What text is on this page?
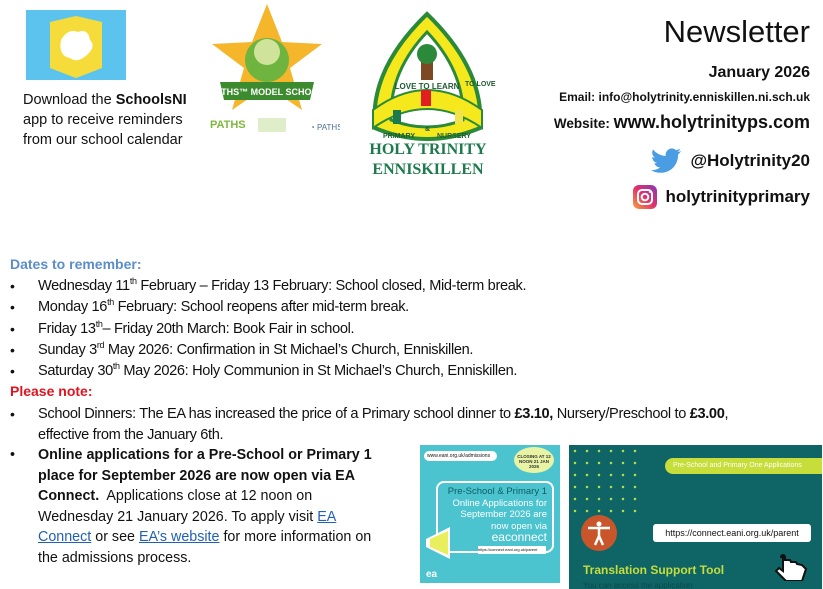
Download the SchoolsNI
app to receive reminders
from our school calendar
PATHS™ MODEL SCHOOL
PATHS	◔ PATHS
LOVE TO LEARN TO LOVE
PRIMARY
&
NURSERY
HOLY TRINITY
ENNISKILLEN
Newsletter
January 2026
Email: info@holytrinity.enniskillen.ni.sch.uk
Website: www.holytrinityps.com
@Holytrinity20
holytrinityprimary
Dates to remember:
• Wednesday 11th February – Friday 13 February: School closed, Mid-term break.
• Monday 16th February: School reopens after mid-term break.
• Friday 13th– Friday 20th March: Book Fair in school.
• Sunday 3rd May 2026: Confirmation in St Michael’s Church, Enniskillen.
• Saturday 30th May 2026: Holy Communion in St Michael’s Church, Enniskillen.
Please note:
• School Dinners: The EA has increased the price of a Primary school dinner to £3.10, Nursery/Preschool to £3.00,
effective from the January 6th.
• Online applications for a Pre-School or Primary 1
place for September 2026 are now open via EA
Connect.  Applications close at 12 noon on
Wednesday 21 January 2026. To apply visit EA
Connect or see EA’s website for more information on
the admissions process.
www.eani.org.uk/admissions	CLOSING AT 12 NOON 21 JAN 2026
Pre-School & Primary 1
Online Applications for
September 2026 are
now open via
eaconnect
https://connect.eani.org.uk/parent
ea
Pre-School and Primary One Applications
https://connect.eani.org.uk/parent
Translation Support Tool
You can access the application
